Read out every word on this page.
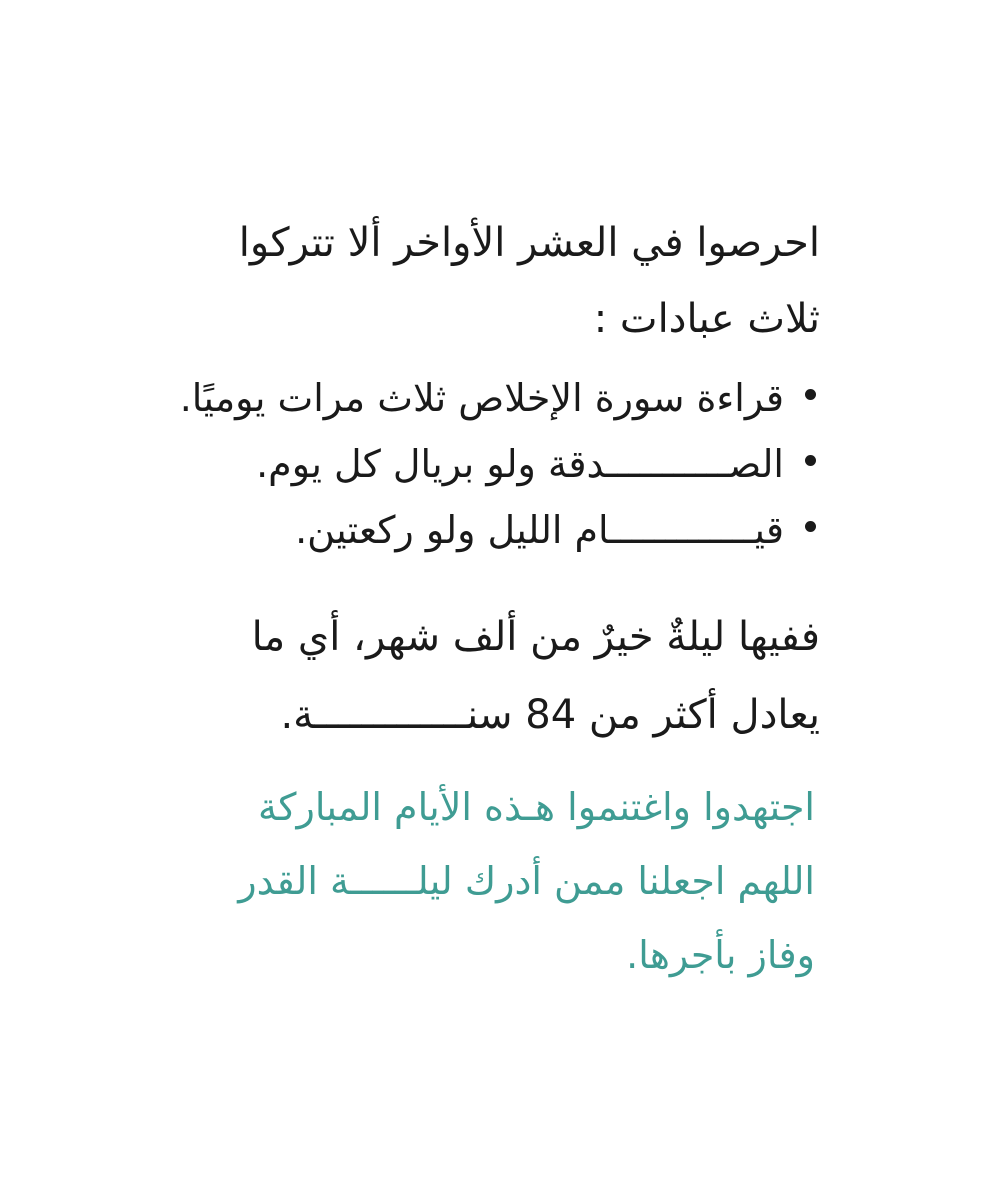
احرصوا في العشر الأواخر ألا تتركوا
ثلاث عبادات :
قراءة سورة الإخلاص ثلاث مرات يوميًا.
الصـــــــــــدقة ولو بريال كل يوم.
قيـــــــــــــام الليل ولو ركعتين.
ففيها ليلةٌ خيرٌ من ألف شهر، أي ما
يعادل أكثر من 84 سنـــــــــــــة.
اجتهدوا واغتنموا هـذه الأيام المباركة
اللهم اجعلنا ممن أدرك ليلــــــة القدر
وفاز بأجرها.
